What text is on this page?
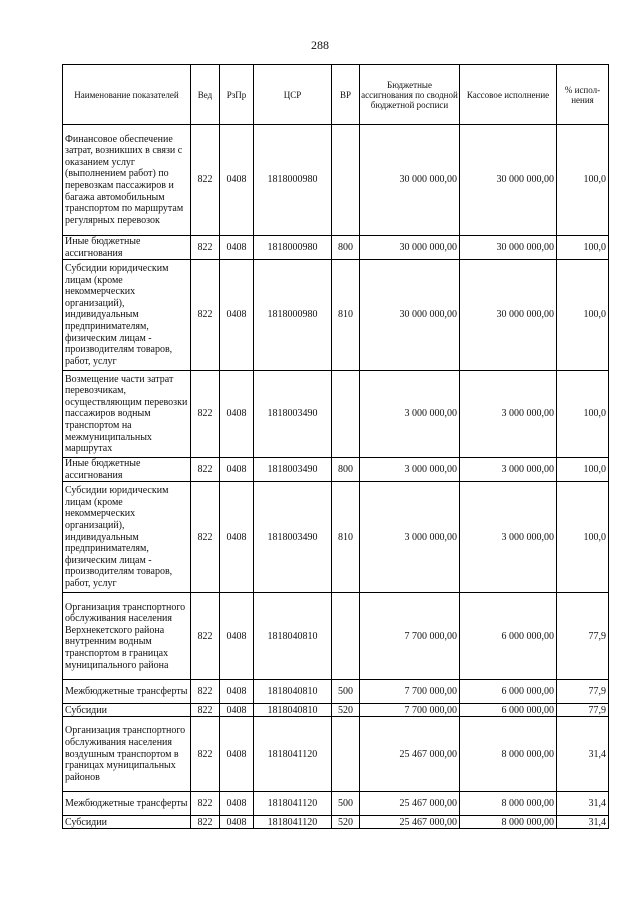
288
Наименование показателей	Вед	РзПр	ЦСР	ВР	Бюджетные ассигнования по сводной бюджетной росписи	Кассовое исполнение	% испол-нения
Финансовое обеспечение затрат, возникших в связи с оказанием услуг (выполнением работ) по перевозкам пассажиров и багажа автомобильным транспортом по маршрутам регулярных перевозок	822	0408	1818000980		30 000 000,00	30 000 000,00	100,0
Иные бюджетные ассигнования	822	0408	1818000980	800	30 000 000,00	30 000 000,00	100,0
Субсидии юридическим лицам (кроме некоммерческих организаций), индивидуальным предпринимателям, физическим лицам - производителям товаров, работ, услуг	822	0408	1818000980	810	30 000 000,00	30 000 000,00	100,0
Возмещение части затрат перевозчикам, осуществляющим перевозки пассажиров водным транспортом на межмуниципальных маршрутах	822	0408	1818003490		3 000 000,00	3 000 000,00	100,0
Иные бюджетные ассигнования	822	0408	1818003490	800	3 000 000,00	3 000 000,00	100,0
Субсидии юридическим лицам (кроме некоммерческих организаций), индивидуальным предпринимателям, физическим лицам - производителям товаров, работ, услуг	822	0408	1818003490	810	3 000 000,00	3 000 000,00	100,0
Организация транспортного обслуживания населения Верхнекетского района внутренним водным транспортом в границах муниципального района	822	0408	1818040810		7 700 000,00	6 000 000,00	77,9
Межбюджетные трансферты	822	0408	1818040810	500	7 700 000,00	6 000 000,00	77,9
Субсидии	822	0408	1818040810	520	7 700 000,00	6 000 000,00	77,9
Организация транспортного обслуживания населения воздушным транспортом в границах муниципальных районов	822	0408	1818041120		25 467 000,00	8 000 000,00	31,4
Межбюджетные трансферты	822	0408	1818041120	500	25 467 000,00	8 000 000,00	31,4
Субсидии	822	0408	1818041120	520	25 467 000,00	8 000 000,00	31,4
